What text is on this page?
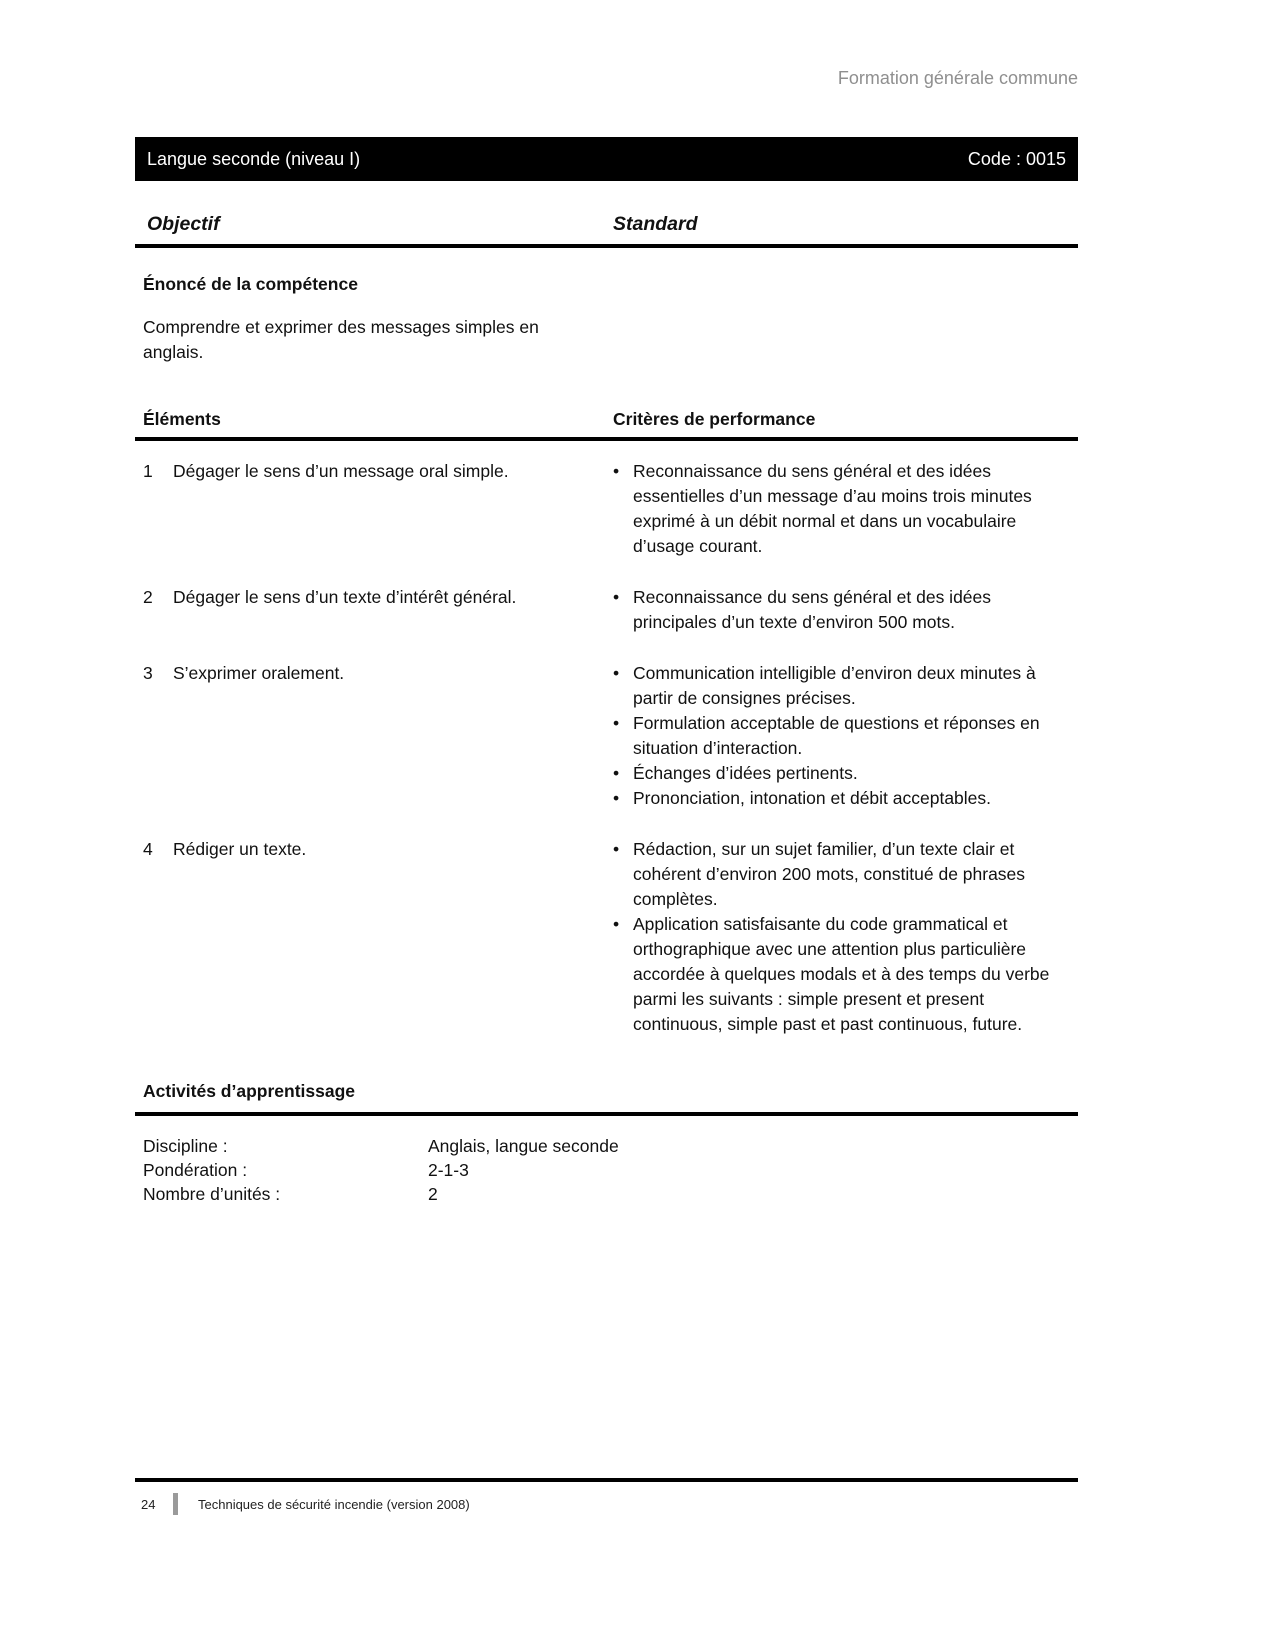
Formation générale commune
Langue seconde (niveau I)	Code : 0015
Objectif	Standard
Énoncé de la compétence
Comprendre et exprimer des messages simples en anglais.
Éléments	Critères de performance
1	Dégager le sens d’un message oral simple.	• Reconnaissance du sens général et des idées essentielles d’un message d’au moins trois minutes exprimé à un débit normal et dans un vocabulaire d’usage courant.
2	Dégager le sens d’un texte d’intérêt général.	• Reconnaissance du sens général et des idées principales d’un texte d’environ 500 mots.
3	S’exprimer oralement.	• Communication intelligible d’environ deux minutes à partir de consignes précises.
• Formulation acceptable de questions et réponses en situation d’interaction.
• Échanges d’idées pertinents.
• Prononciation, intonation et débit acceptables.
4	Rédiger un texte.	• Rédaction, sur un sujet familier, d’un texte clair et cohérent d’environ 200 mots, constitué de phrases complètes.
• Application satisfaisante du code grammatical et orthographique avec une attention plus particulière accordée à quelques modals et à des temps du verbe parmi les suivants : simple present et present continuous, simple past et past continuous, future.
Activités d’apprentissage
Discipline :	Anglais, langue seconde
Pondération :	2-1-3
Nombre d’unités :	2
24	Techniques de sécurité incendie (version 2008)
